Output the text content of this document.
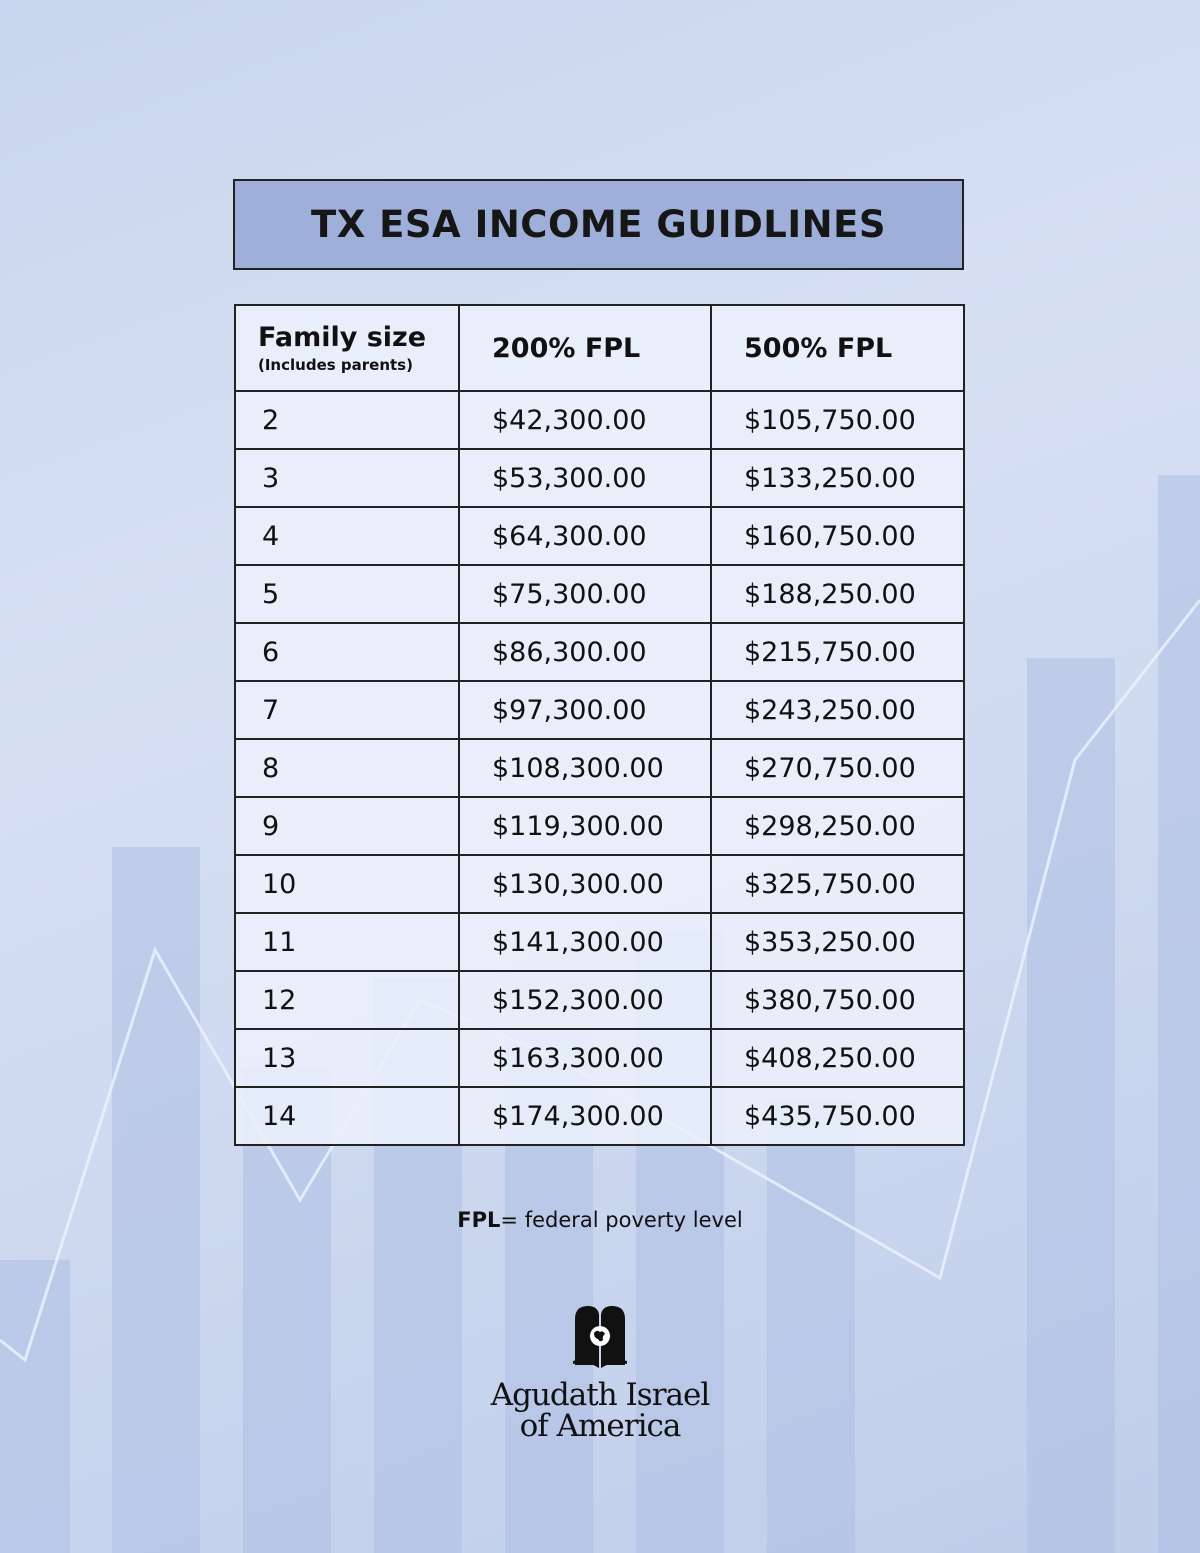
TX ESA INCOME GUIDLINES
Family size
(Includes parents)	200% FPL	500% FPL
2	$42,300.00	$105,750.00
3	$53,300.00	$133,250.00
4	$64,300.00	$160,750.00
5	$75,300.00	$188,250.00
6	$86,300.00	$215,750.00
7	$97,300.00	$243,250.00
8	$108,300.00	$270,750.00
9	$119,300.00	$298,250.00
10	$130,300.00	$325,750.00
11	$141,300.00	$353,250.00
12	$152,300.00	$380,750.00
13	$163,300.00	$408,250.00
14	$174,300.00	$435,750.00
FPL= federal poverty level
Agudath Israel
of America
